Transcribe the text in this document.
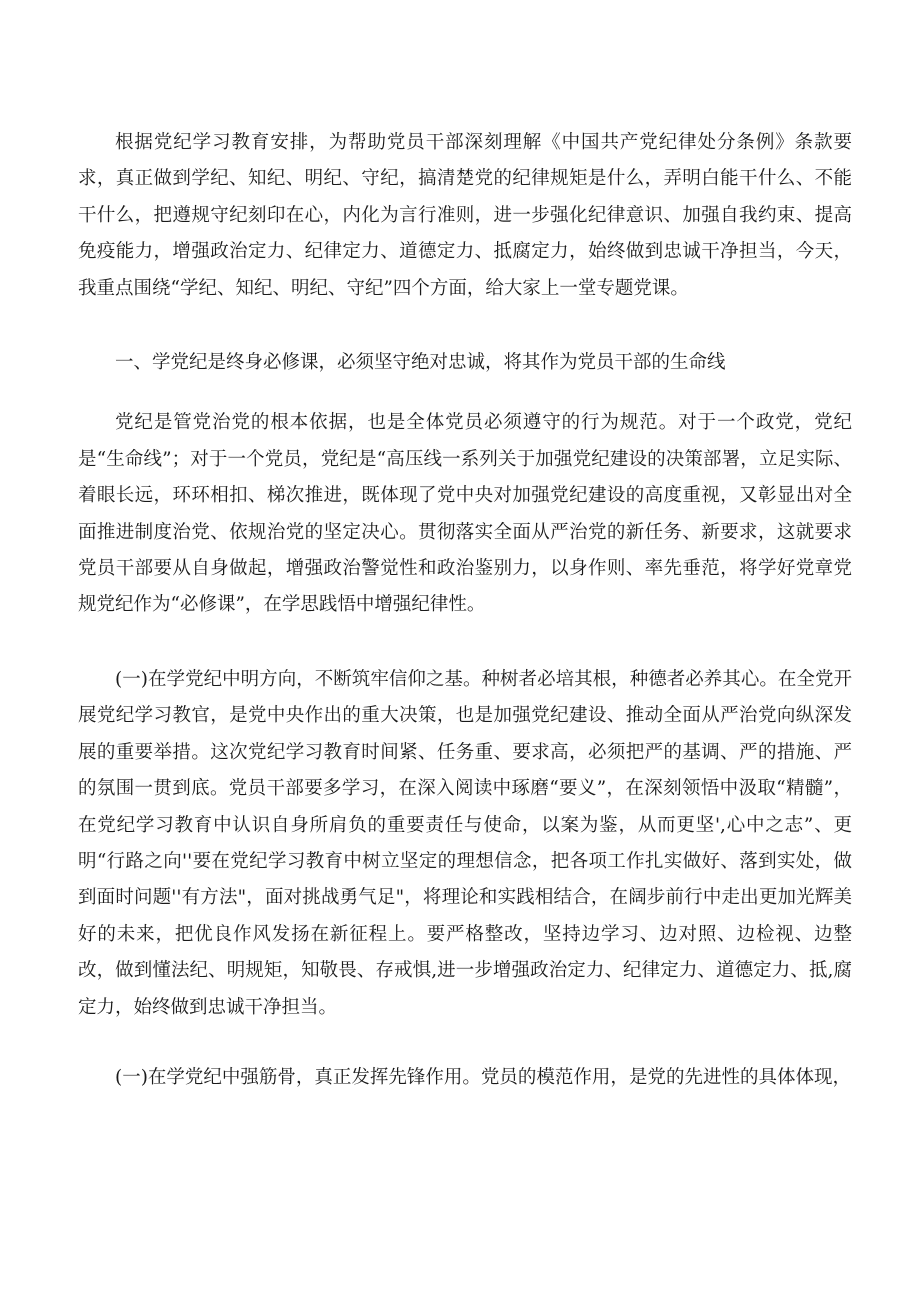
根据党纪学习教育安排，为帮助党员干部深刻理解《中国共产党纪律处分条例》条款要求，真正做到学纪、知纪、明纪、守纪，搞清楚党的纪律规矩是什么，弄明白能干什么、不能干什么，把遵规守纪刻印在心，内化为言行准则，进一步强化纪律意识、加强自我约束、提高免疫能力，增强政治定力、纪律定力、道德定力、抵腐定力，始终做到忠诚干净担当，今天，我重点围绕“学纪、知纪、明纪、守纪”四个方面，给大家上一堂专题党课。

一、学党纪是终身必修课，必须坚守绝对忠诚，将其作为党员干部的生命线

党纪是管党治党的根本依据，也是全体党员必须遵守的行为规范。对于一个政党，党纪是“生命线”；对于一个党员，党纪是“高压线一系列关于加强党纪建设的决策部署，立足实际、着眼长远，环环相扣、梯次推进，既体现了党中央对加强党纪建设的高度重视，又彰显出对全面推进制度治党、依规治党的坚定决心。贯彻落实全面从严治党的新任务、新要求，这就要求党员干部要从自身做起，增强政治警觉性和政治鉴别力，以身作则、率先垂范，将学好党章党规党纪作为“必修课”，在学思践悟中增强纪律性。

(一)在学党纪中明方向，不断筑牢信仰之基。种树者必培其根，种德者必养其心。在全党开展党纪学习教官，是党中央作出的重大决策，也是加强党纪建设、推动全面从严治党向纵深发展的重要举措。这次党纪学习教育时间紧、任务重、要求高，必须把严的基调、严的措施、严的氛围一贯到底。党员干部要多学习，在深入阅读中琢磨“要义”，在深刻领悟中汲取“精髓”，在党纪学习教育中认识自身所肩负的重要责任与使命，以案为鉴，从而更坚',心中之志”、更明“行路之向''要在党纪学习教育中树立坚定的理想信念，把各项工作扎实做好、落到实处，做到面时问题''有方法"，面对挑战勇气足"，将理论和实践相结合，在阔步前行中走出更加光辉美好的未来，把优良作风发扬在新征程上。要严格整改，坚持边学习、边对照、边检视、边整改，做到懂法纪、明规矩，知敬畏、存戒惧,进一步增强政治定力、纪律定力、道德定力、抵,腐定力，始终做到忠诚干净担当。

(一)在学党纪中强筋骨，真正发挥先锋作用。党员的模范作用，是党的先进性的具体体现，
